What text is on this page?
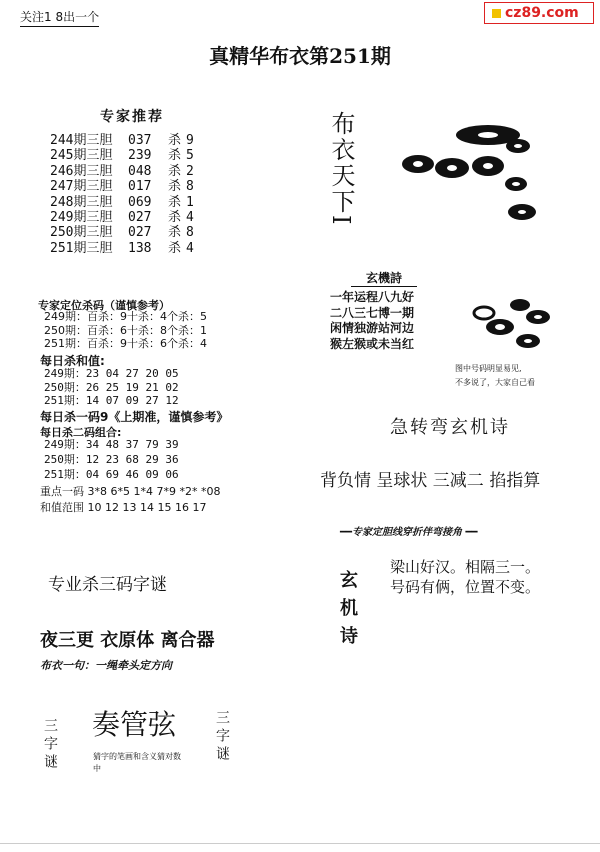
关注1 8出一个	cz89.com
真精华布衣第251期
专家推荐
244期三胆	037	杀 9
245期三胆	239	杀 5
246期三胆	048	杀 2
247期三胆	017	杀 8
248期三胆	069	杀 1
249期三胆	027	杀 4
250期三胆	027	杀 8
251期三胆	138	杀 4
专家定位杀码（谨慎参考）
249期：百杀：9十杀：4个杀：5
250期：百杀：6十杀：8个杀：1
251期：百杀：9十杀：6个杀：4
每日杀和值:
249期：23 04 27 20 05
250期：26 25 19 21 02
251期：14 07 09 27 12
每日杀一码9《上期准，谨慎参考》
每日杀二码组合:
249期：34 48 37 79 39
250期：12 23 68 29 36
251期：04 69 46 09 06
重点一码 3*8 6*5 1*4 7*9 *2* *08
和值范围 10 12 13 14 15 16 17
专业杀三码字谜
夜三更 衣原体 离合器
布衣一句：一绳牵头定方向
三字谜 奏管弦	三字谜
猜字的笔画和含义猜对数中
布衣天下I
玄機詩
一年运程八九好
二八三七博一期
闲情独游站河边
猴左猴或未当红
图中号码明显易见,
不多说了，大家自己看
急转弯玄机诗
背负情 呈球状 三减二 掐指算
━━专家定胆线穿折伴弯接角 ━━
玄机诗
梁山好汉。相隔三一。
号码有俩，位置不变。
